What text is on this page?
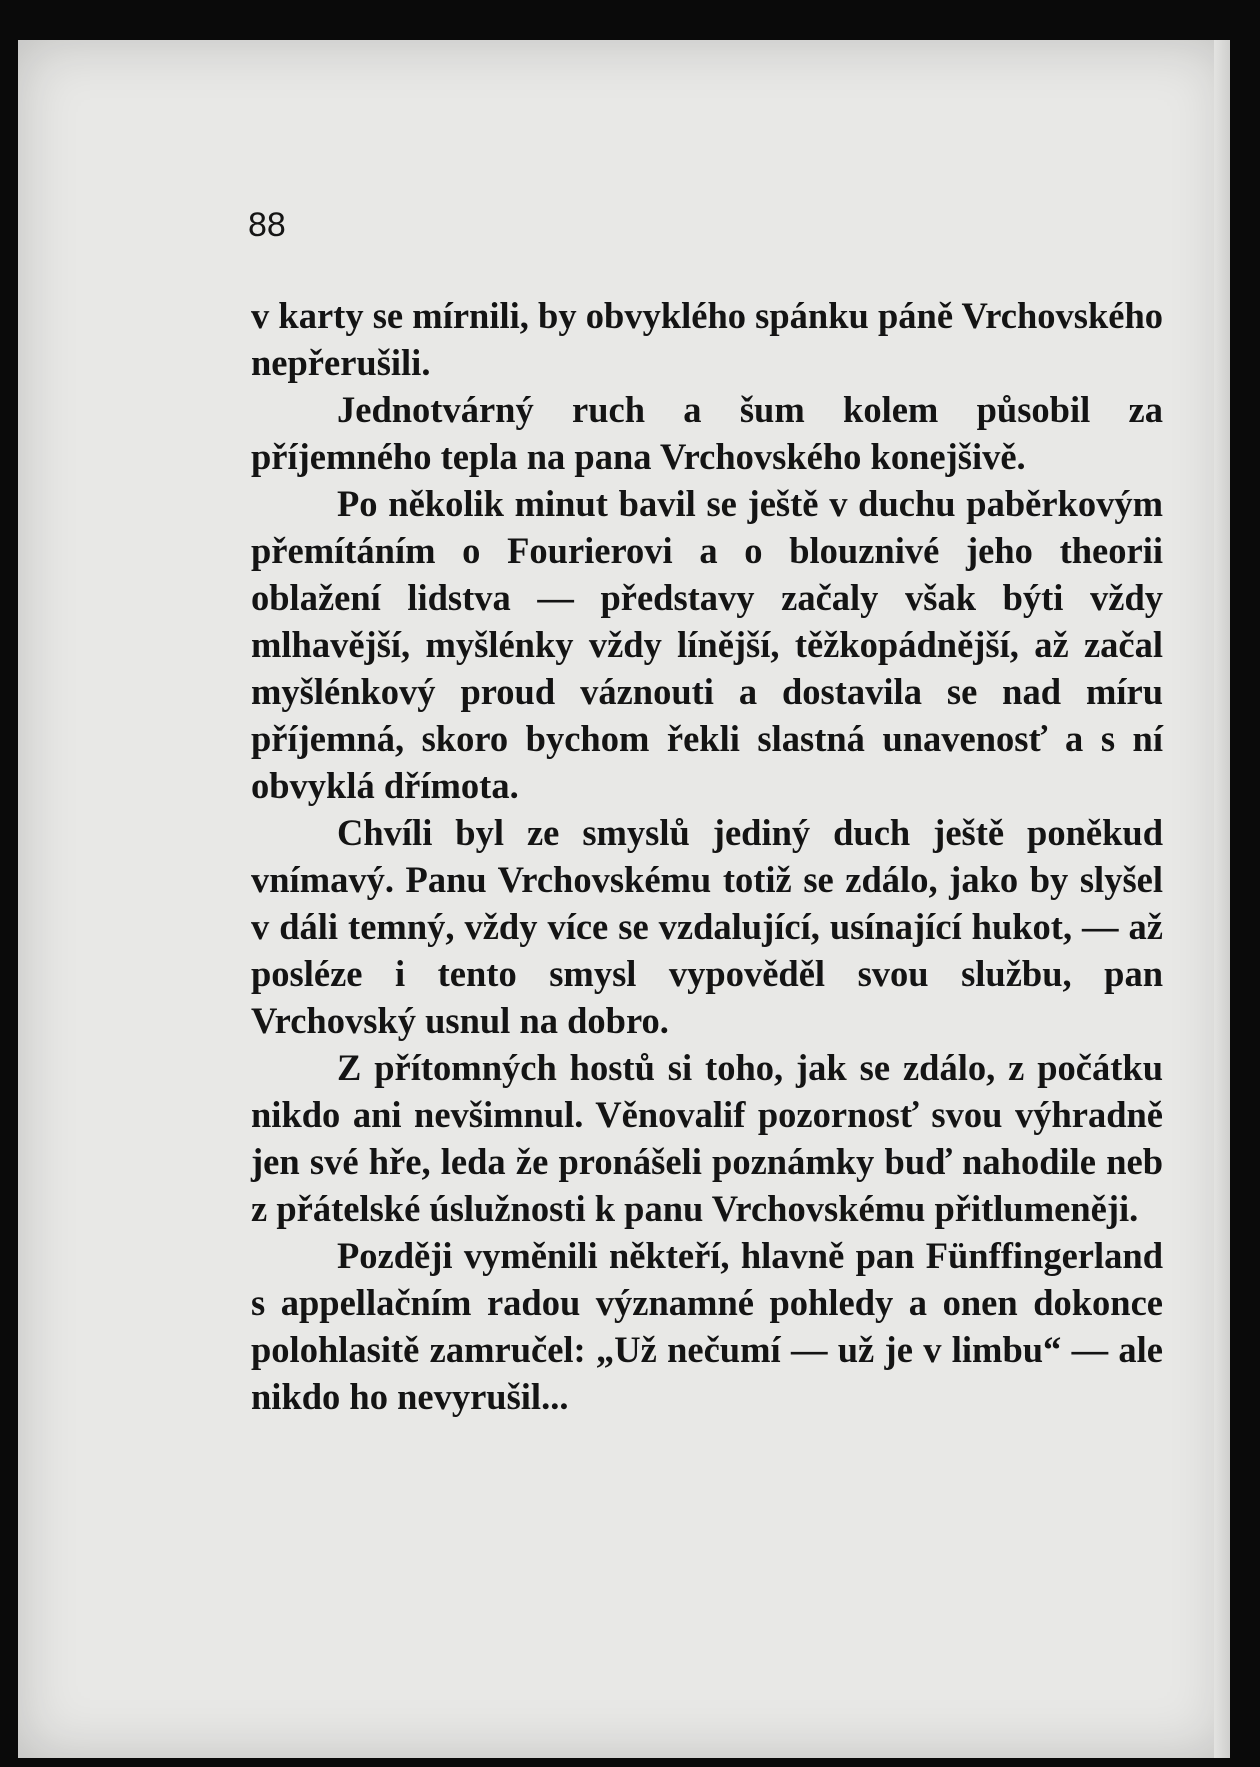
88

v karty se mírnili, by obvyklého spánku páně Vrchovského nepřerušili.

Jednotvárný ruch a šum kolem působil za příjemného tepla na pana Vrchovského konejšivě.

Po několik minut bavil se ještě v duchu paběrkovým přemítáním o Fourierovi a o blouznivé jeho theorii oblažení lidstva — představy začaly však býti vždy mlhavější, myšlénky vždy línější, těžkopádnější, až začal myšlénkový proud váznouti a dostavila se nad míru příjemná, skoro bychom řekli slastná unavenosť a s ní obvyklá dřímota.

Chvíli byl ze smyslů jediný duch ještě poněkud vnímavý. Panu Vrchovskému totiž se zdálo, jako by slyšel v dáli temný, vždy více se vzdalující, usínající hukot, — až posléze i tento smysl vypověděl svou službu, pan Vrchovský usnul na dobro.

Z přítomných hostů si toho, jak se zdálo, z počátku nikdo ani nevšimnul. Věnovalif pozornosť svou výhradně jen své hře, leda že pronášeli poznámky buď nahodile neb z přátelské úslužnosti k panu Vrchovskému přitlumeněji.

Později vyměnili někteří, hlavně pan Fünffingerland s appellačním radou významné pohledy a onen dokonce polohlasitě zamručel: „Už nečumí — už je v limbu“ — ale nikdo ho nevyrušil...
